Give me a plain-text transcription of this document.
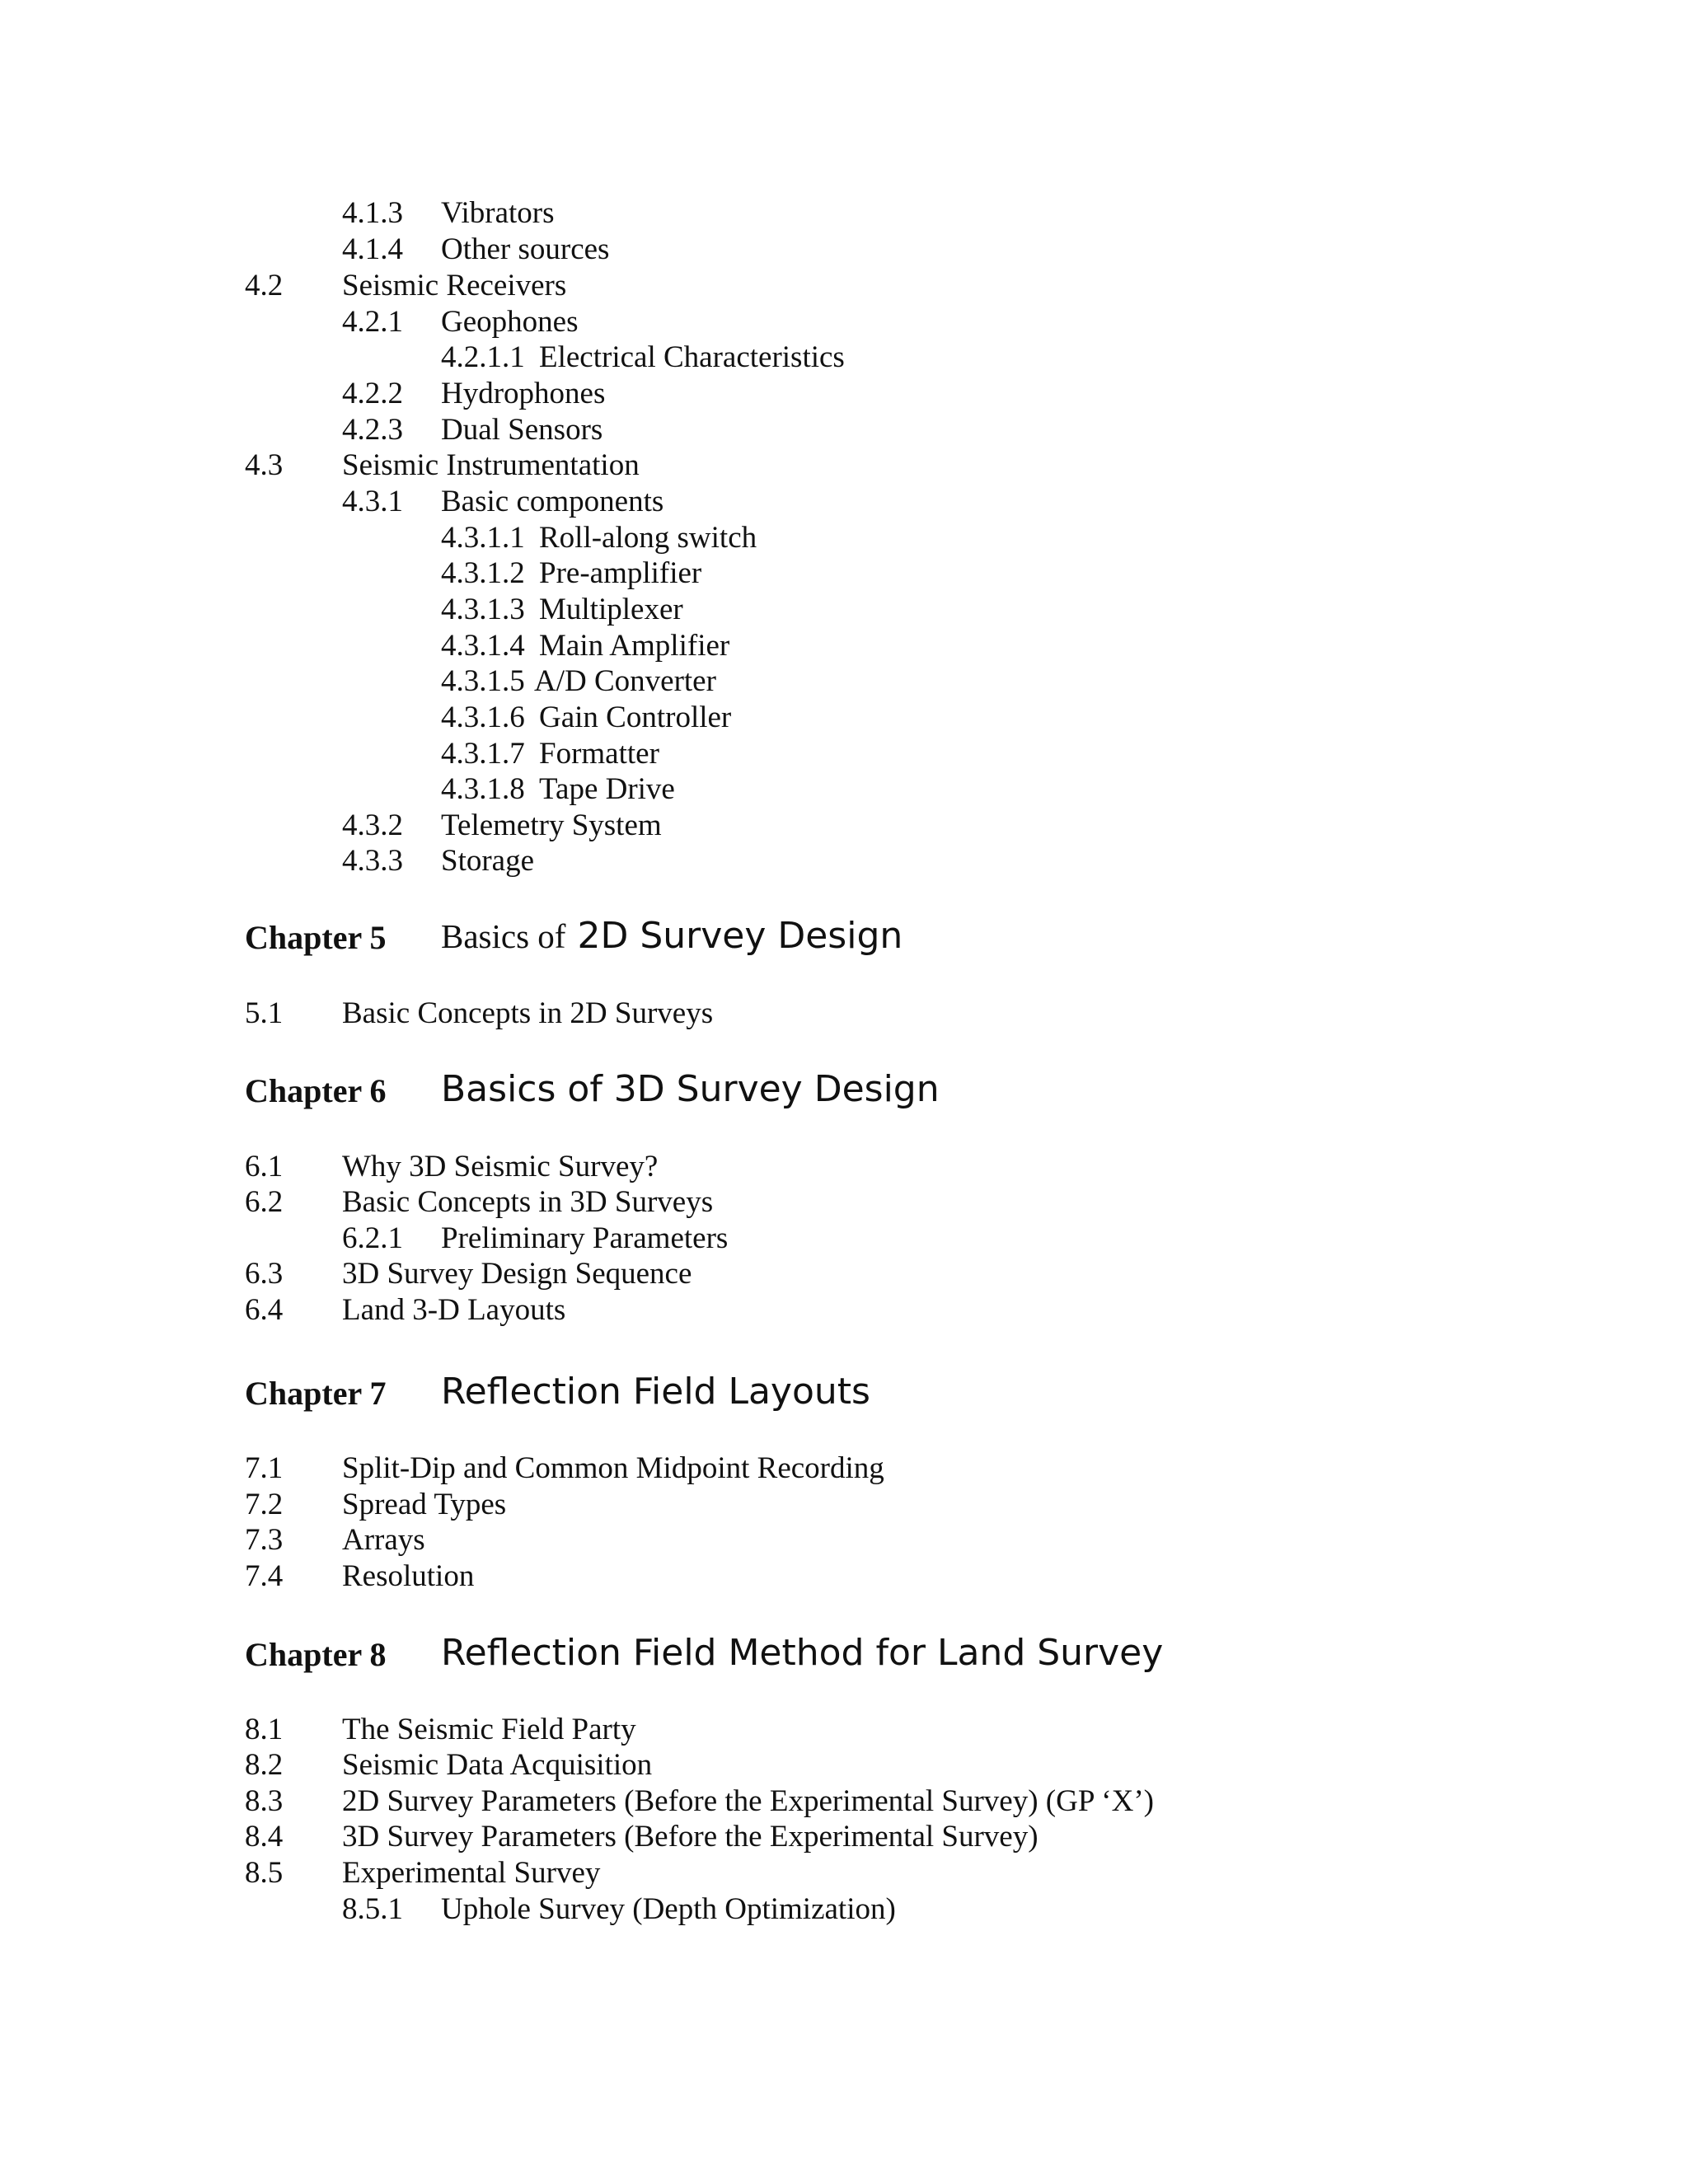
4.1.3 Vibrators
4.1.4 Other sources
4.2 Seismic Receivers
4.2.1 Geophones
4.2.1.1 Electrical Characteristics
4.2.2 Hydrophones
4.2.3 Dual Sensors
4.3 Seismic Instrumentation
4.3.1 Basic components
4.3.1.1 Roll-along switch
4.3.1.2 Pre-amplifier
4.3.1.3 Multiplexer
4.3.1.4 Main Amplifier
4.3.1.5 A/D Converter
4.3.1.6 Gain Controller
4.3.1.7 Formatter
4.3.1.8 Tape Drive
4.3.2 Telemetry System
4.3.3 Storage
Chapter 5 Basics of 2D Survey Design
5.1 Basic Concepts in 2D Surveys
Chapter 6 Basics of 3D Survey Design
6.1 Why 3D Seismic Survey?
6.2 Basic Concepts in 3D Surveys
6.2.1 Preliminary Parameters
6.3 3D Survey Design Sequence
6.4 Land 3-D Layouts
Chapter 7 Reflection Field Layouts
7.1 Split-Dip and Common Midpoint Recording
7.2 Spread Types
7.3 Arrays
7.4 Resolution
Chapter 8 Reflection Field Method for Land Survey
8.1 The Seismic Field Party
8.2 Seismic Data Acquisition
8.3 2D Survey Parameters (Before the Experimental Survey) (GP ‘X’)
8.4 3D Survey Parameters (Before the Experimental Survey)
8.5 Experimental Survey
8.5.1 Uphole Survey (Depth Optimization)
